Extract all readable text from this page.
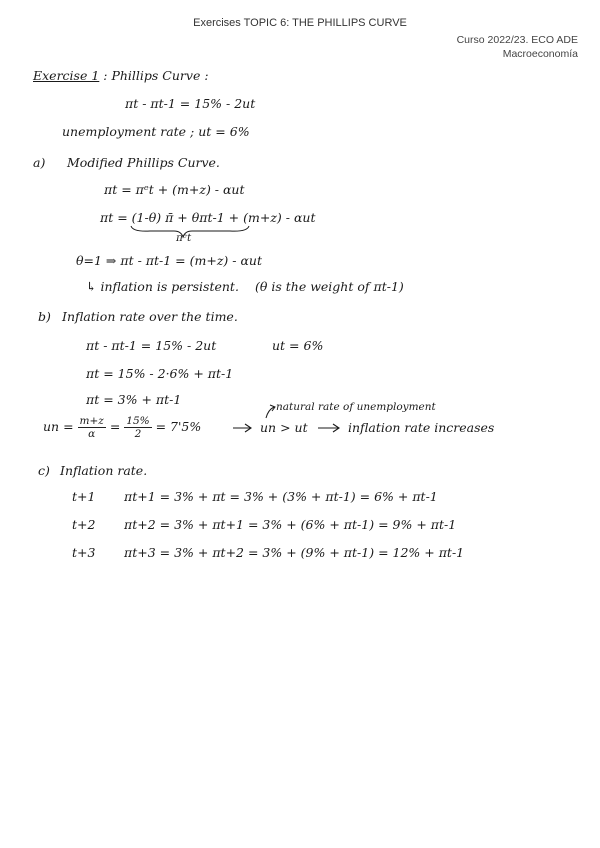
Exercises TOPIC 6: THE PHILLIPS CURVE
Curso 2022/23. ECO ADE
Macroeconomía
Exercise 1 : Phillips Curve :
πt - πt-1 = 15% - 2ut
unemployment rate ; ut = 6%
a) Modified Phillips Curve.
πt = πᵉt + (m+z) - αut
πt = (1-θ) π̄ + θπt-1 + (m+z) - αut
πᵉt
θ=1 ⇒ πt - πt-1 = (m+z) - αut
↳ inflation is persistent. (θ is the weight of πt-1)
b) Inflation rate over the time.
πt - πt-1 = 15% - 2ut	ut = 6%
πt = 15% - 2·6% + πt-1
πt = 3% + πt-1	natural rate of unemployment
un = $\frac{m+z}{\alpha} = \frac{15\%}{2} = 7'5\%$	un > ut	inflation rate increases
c) Inflation rate.
t+1 πt+1 = 3% + πt = 3% + (3% + πt-1) = 6% + πt-1
t+2 πt+2 = 3% + πt+1 = 3% + (6% + πt-1) = 9% + πt-1
t+3 πt+3 = 3% + πt+2 = 3% + (9% + πt-1) = 12% + πt-1
